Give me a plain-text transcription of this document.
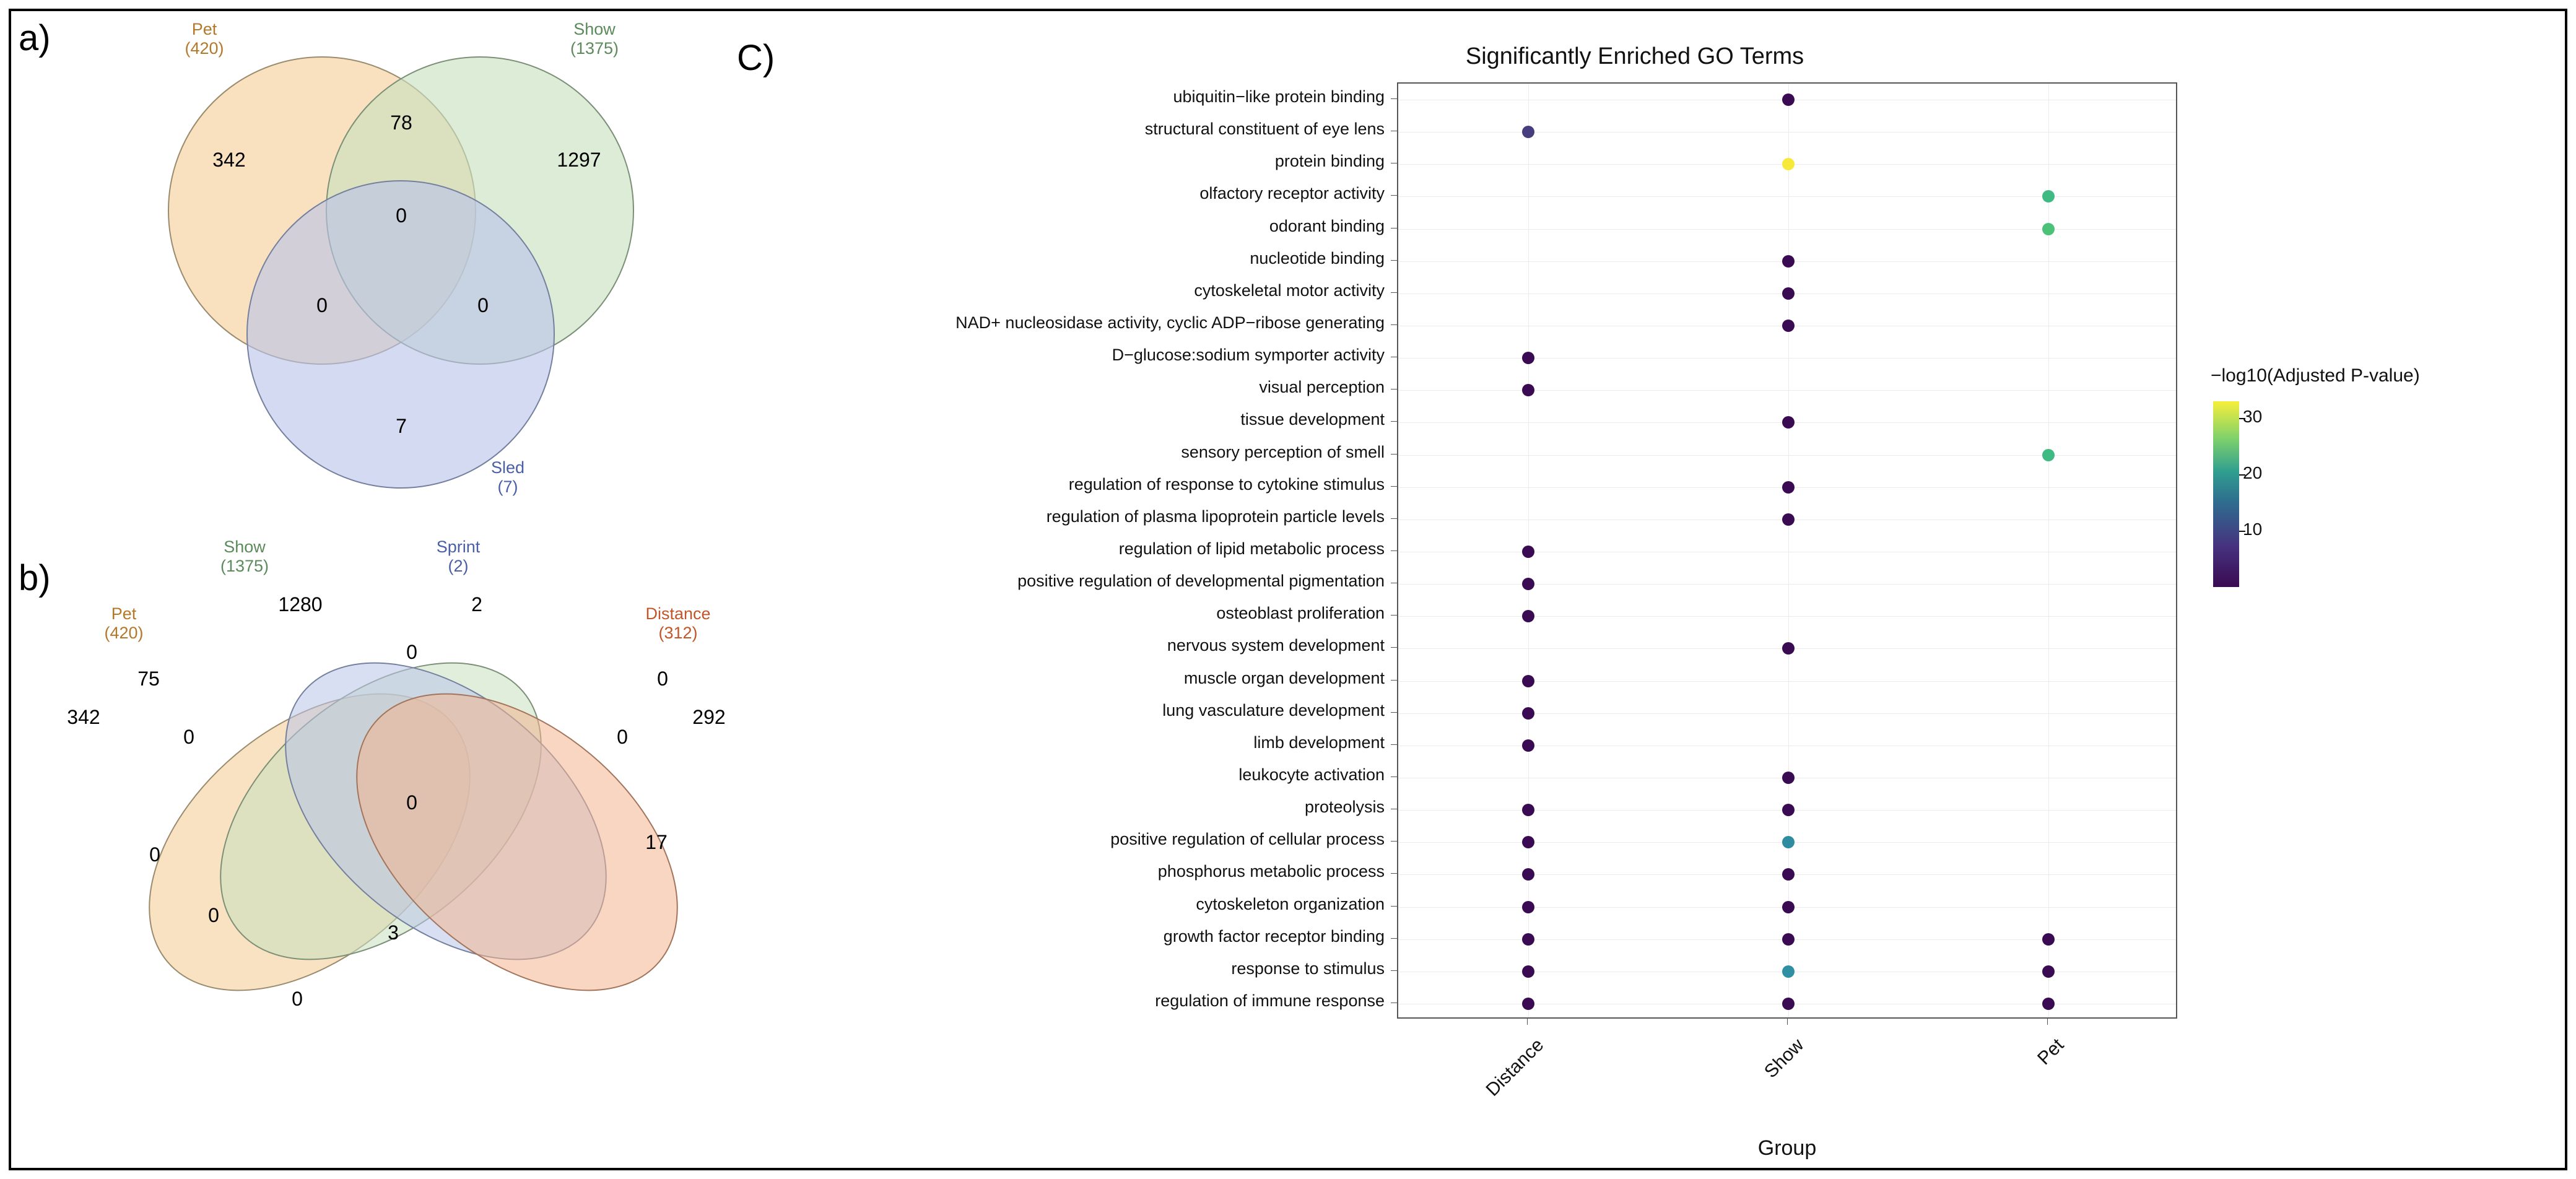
a)	Pet
(420)
Show
(1375)
Sled
(7)
342
78
1297
0
0	0
7
b)
Show
(1375)
Sprint
(2)
Pet
(420)
Distance
(312)
1280	2
342	292
0
75	0
0	0
0
0
17
0
3
0
C)	Significantly Enriched GO Terms
Group
−log10(Adjusted P-value)
30
20
10
ubiquitin−like protein binding
structural constituent of eye lens
protein binding
olfactory receptor activity
odorant binding
nucleotide binding
cytoskeletal motor activity
NAD+ nucleosidase activity, cyclic ADP−ribose generating
D−glucose:sodium symporter activity
visual perception
tissue development
sensory perception of smell
regulation of response to cytokine stimulus
regulation of plasma lipoprotein particle levels
regulation of lipid metabolic process
positive regulation of developmental pigmentation
osteoblast proliferation
nervous system development
muscle organ development
lung vasculature development
limb development
leukocyte activation
proteolysis
positive regulation of cellular process
phosphorus metabolic process
cytoskeleton organization
growth factor receptor binding
response to stimulus
regulation of immune response
Distance	Show	Pet
